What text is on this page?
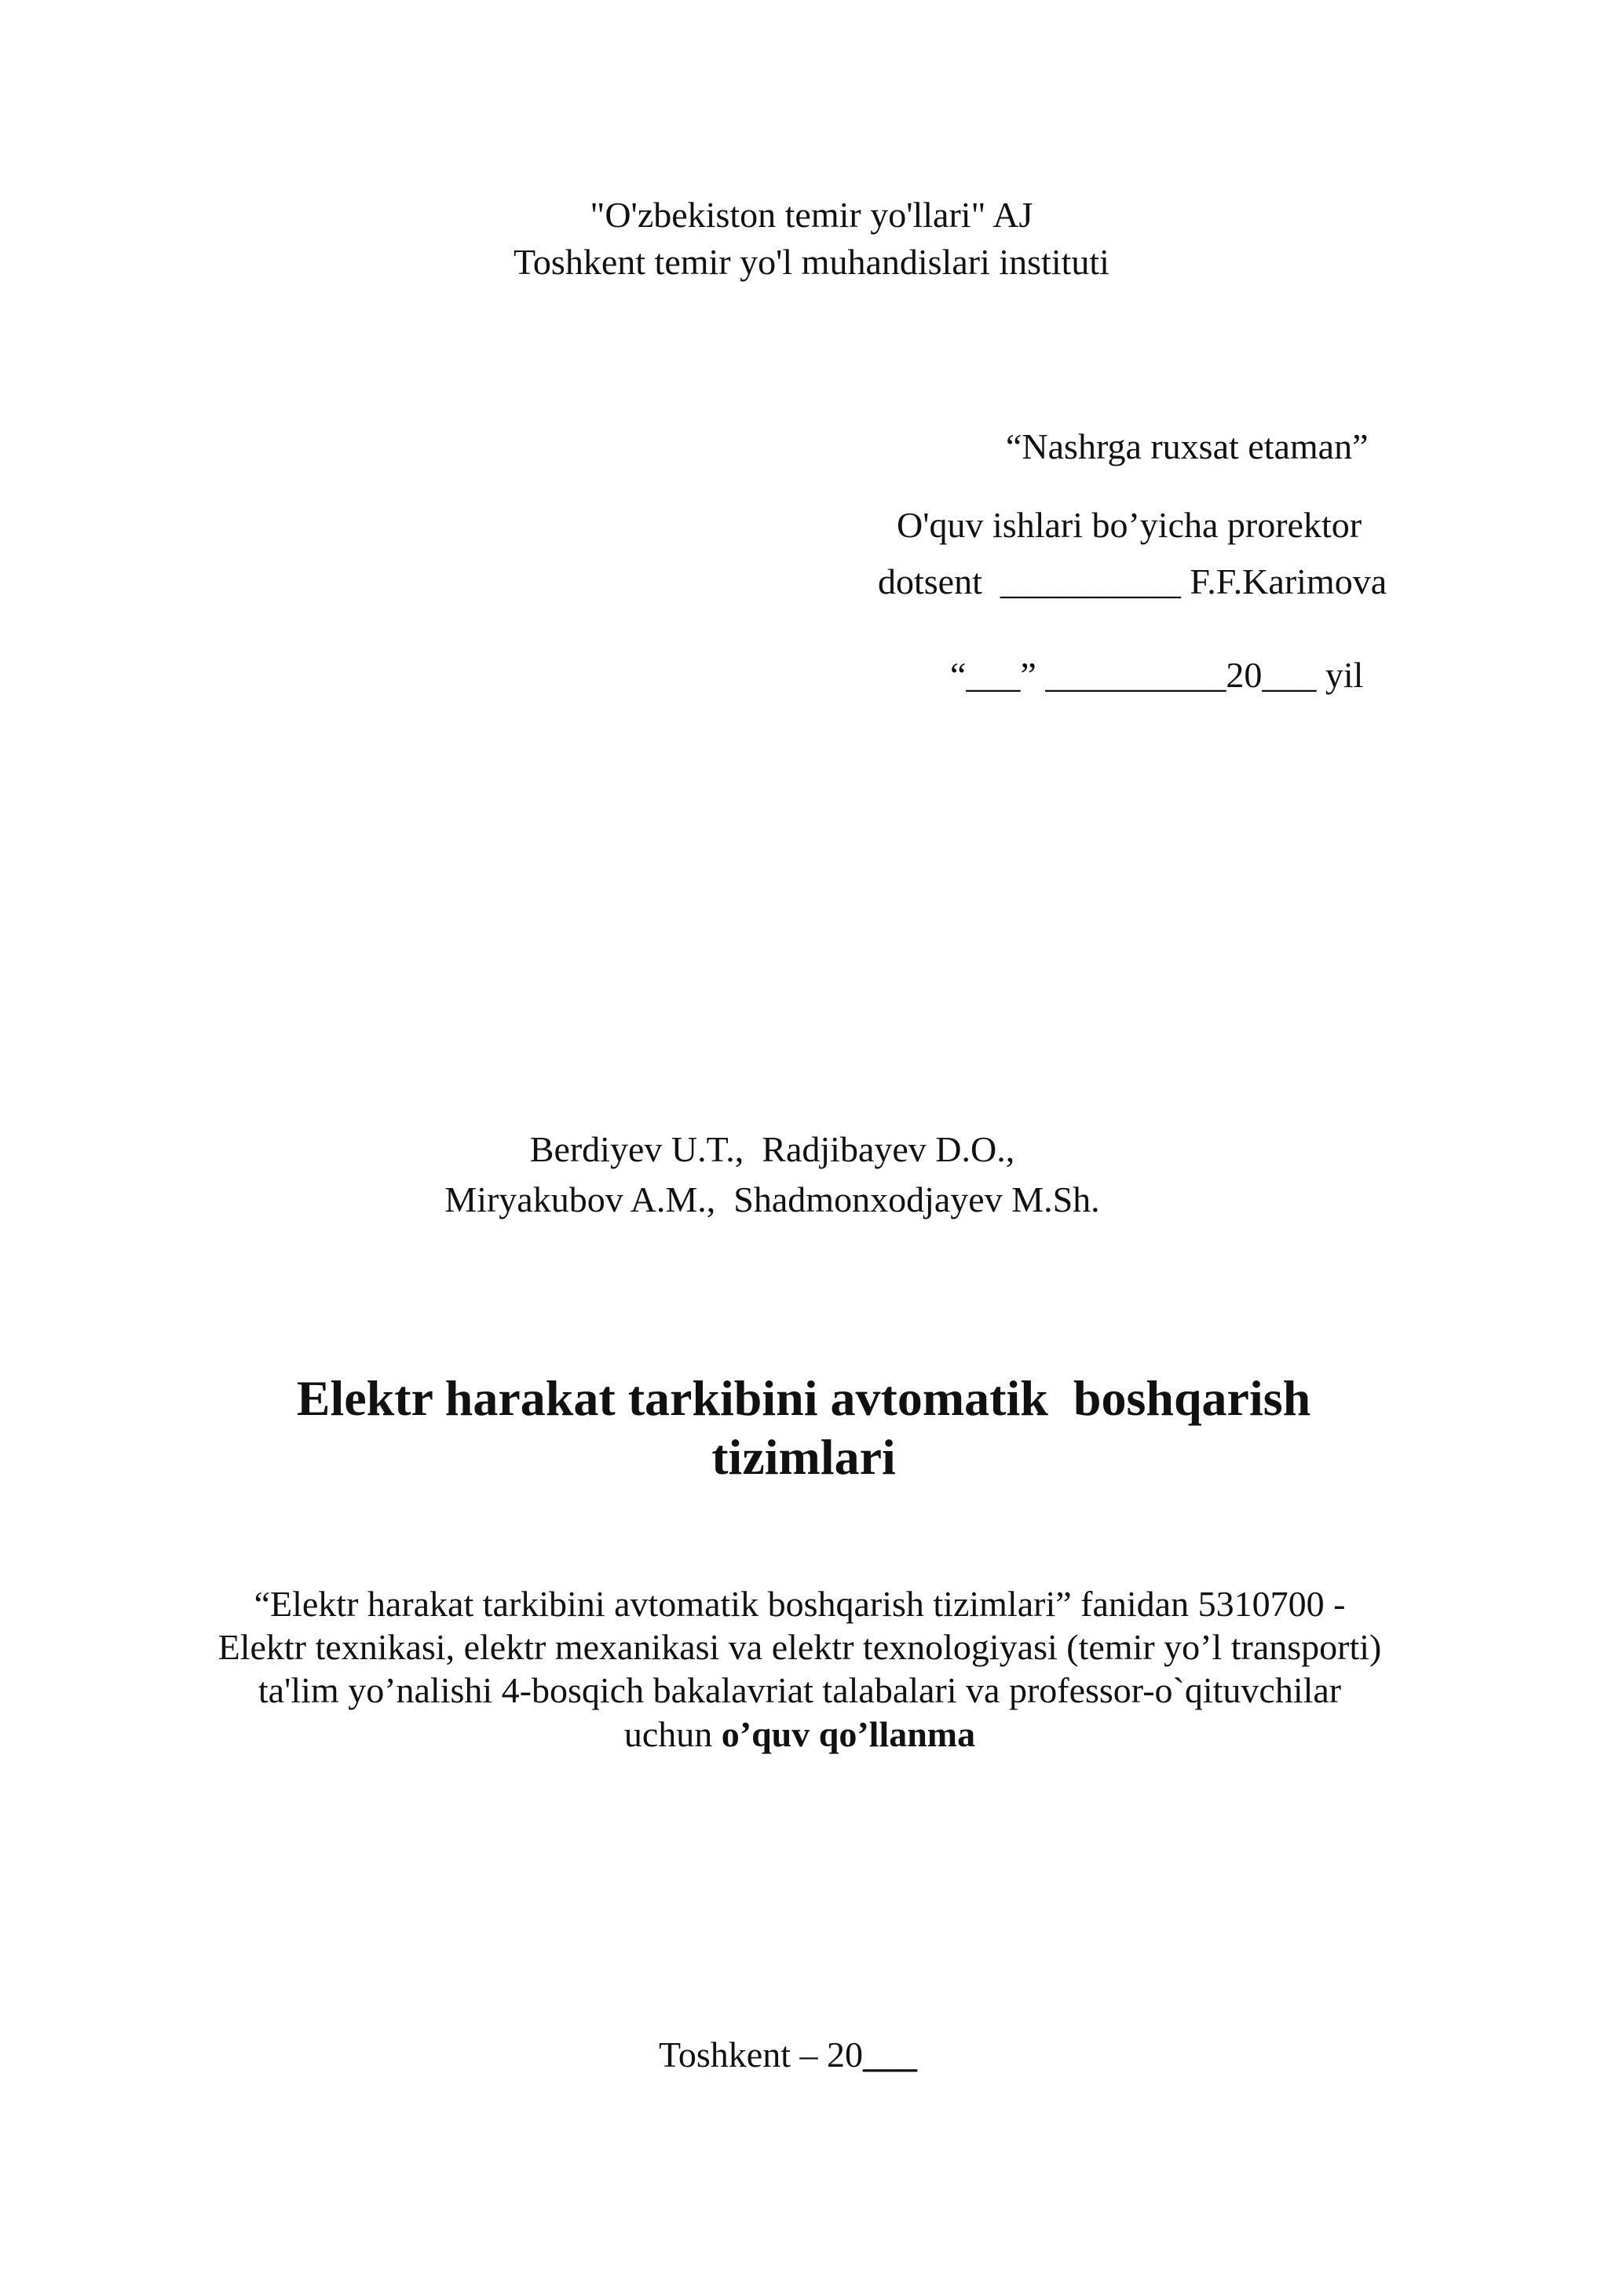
"O'zbekiston temir yo'llari" AJ
Toshkent temir yo'l muhandislari instituti
“Nashrga ruxsat etaman”
O'quv ishlari bo’yicha prorektor
dotsent  __________ F.F.Karimova
“___” __________20___ yil
Berdiyev U.T.,  Radjibayev D.O.,
Miryakubov A.M.,  Shadmonxodjayev M.Sh.
Elektr harakat tarkibini avtomatik  boshqarish
tizimlari
“Elektr harakat tarkibini avtomatik boshqarish tizimlari” fanidan 5310700 -
Elektr texnikasi, elektr mexanikasi va elektr texnologiyasi (temir yo’l transporti)
ta'lim yo’nalishi 4-bosqich bakalavriat talabalari va professor-o`qituvchilar
uchun o’quv qo’llanma
Toshkent – 20___
